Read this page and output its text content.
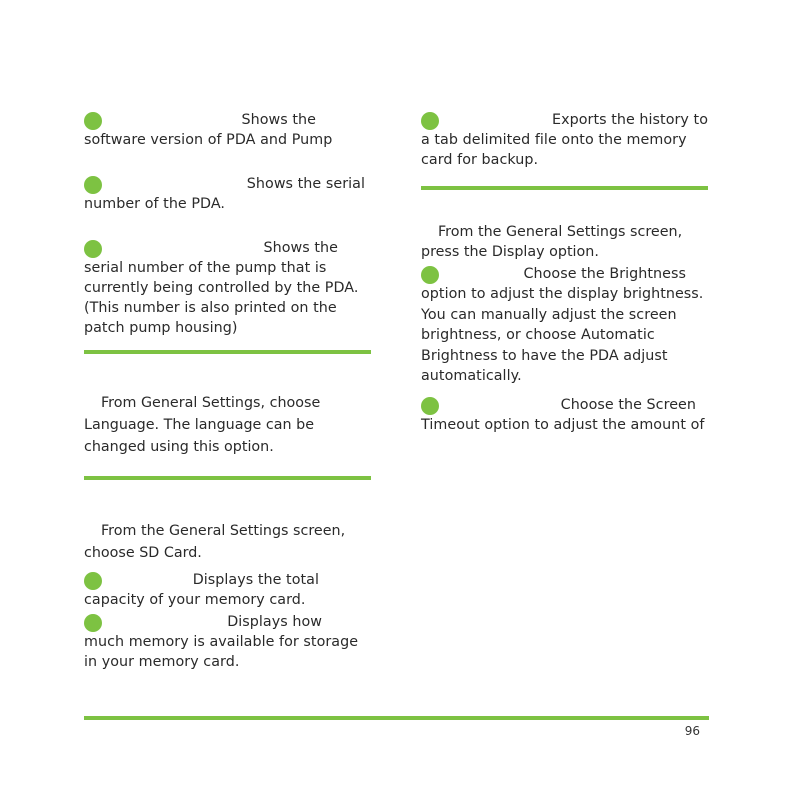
Shows the
software version of PDA and Pump
Shows the serial
number of the PDA.
Shows the
serial number of the pump that is currently being controlled by the PDA. (This number is also printed on the patch pump housing)
From General Settings, choose Language. The language can be changed using this option.
From the General Settings screen, choose SD Card.
Displays the total
capacity of your memory card.
Displays how
much memory is available for storage in your memory card.
Exports the history to
a tab delimited file onto the memory card for backup.
From the General Settings screen, press the Display option.
Choose the Brightness
option to adjust the display brightness. You can manually adjust the screen brightness, or choose Automatic Brightness to have the PDA adjust automatically.
Choose the Screen
Timeout option to adjust the amount of
96
